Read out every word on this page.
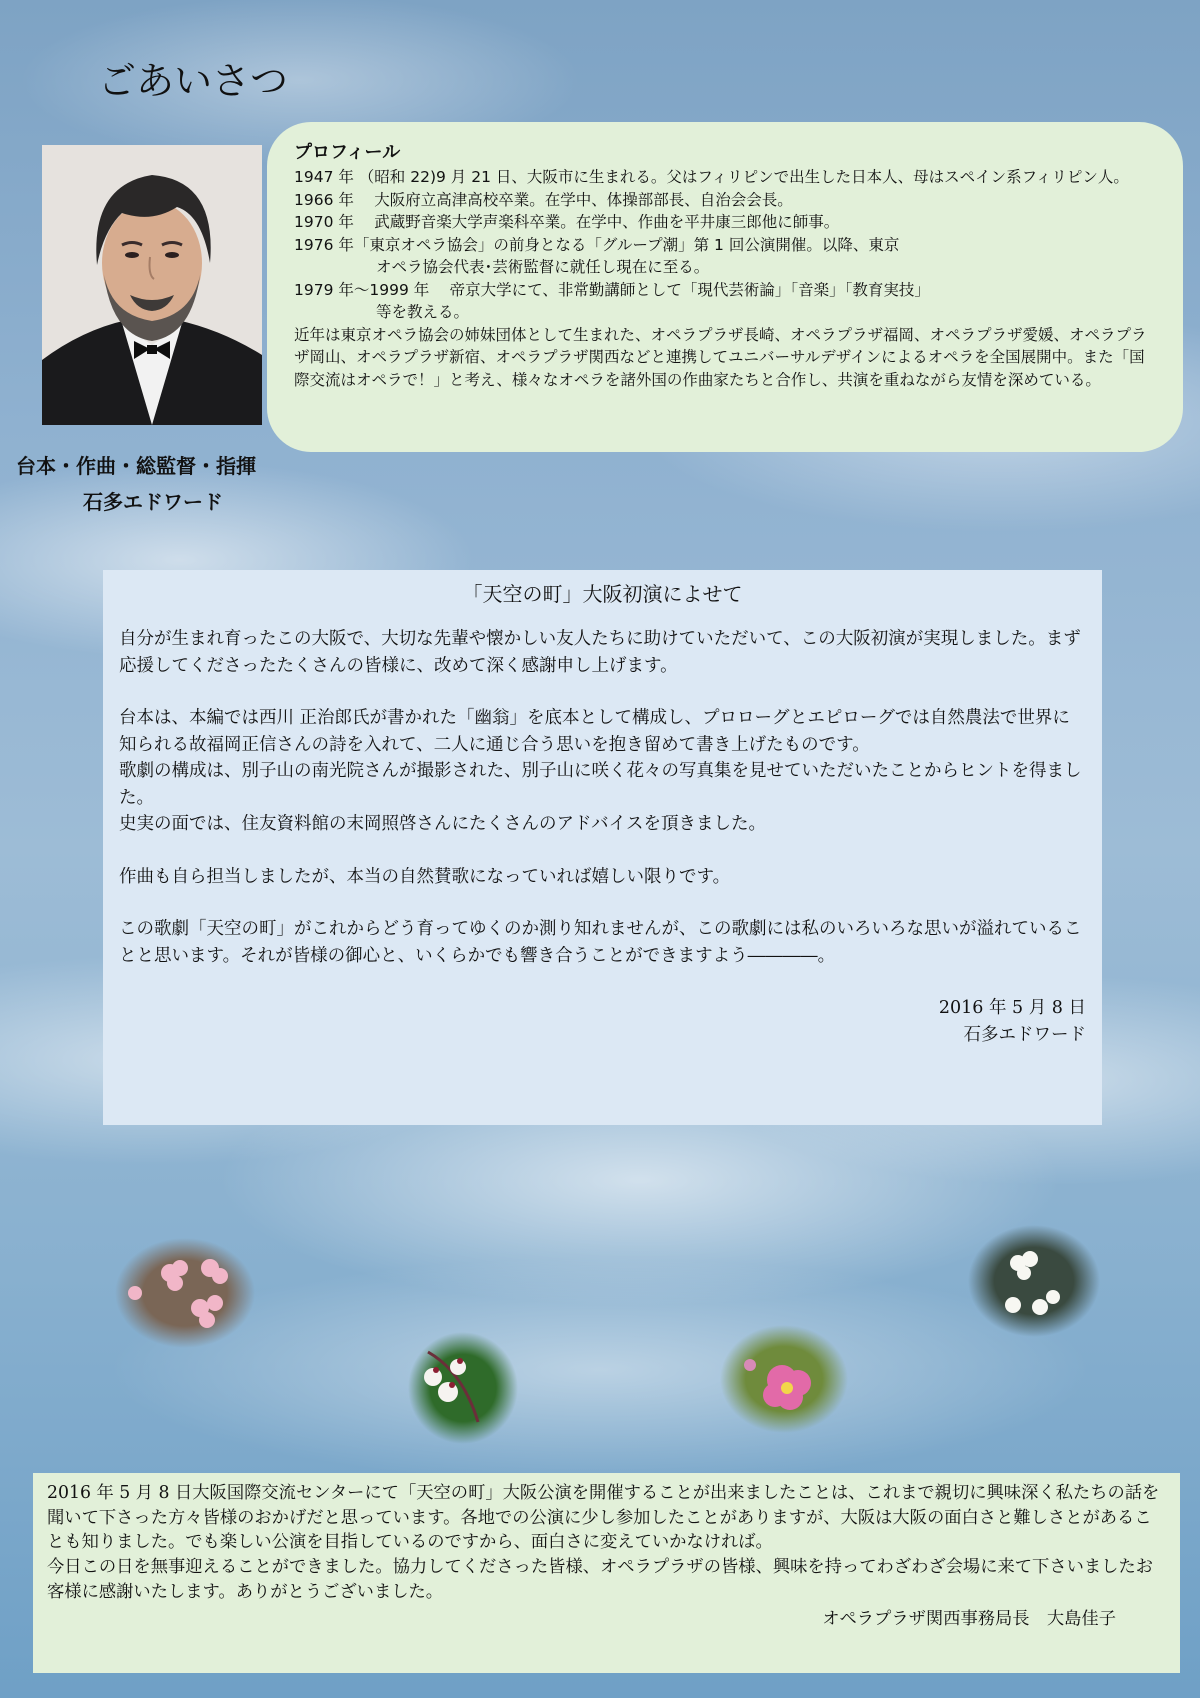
ごあいさつ
台本・作曲・総監督・指揮
石多エドワード
プロフィール
1947 年 （昭和 22)9 月 21 日、大阪市に生まれる。父はフィリピンで出生した日本人、母はスペイン系フィリピン人。
1966 年　 大阪府立高津高校卒業。在学中、体操部部長、自治会会長。
1970 年　 武蔵野音楽大学声楽科卒業。在学中、作曲を平井康三郎他に師事。
1976 年「東京オペラ協会」の前身となる「グループ潮」第 1 回公演開催。以降、東京
オペラ協会代表･芸術監督に就任し現在に至る。
1979 年～1999 年　 帝京大学にて、非常勤講師として「現代芸術論」「音楽」「教育実技」
等を教える。
近年は東京オペラ協会の姉妹団体として生まれた、オペラプラザ長崎、オペラプラザ福岡、オペラプラザ愛媛、オペラプラザ岡山、オペラプラザ新宿、オペラプラザ関西などと連携してユニバーサルデザインによるオペラを全国展開中。また「国際交流はオペラで！」と考え、様々なオペラを諸外国の作曲家たちと合作し、共演を重ねながら友情を深めている。
「天空の町」大阪初演によせて

自分が生まれ育ったこの大阪で、大切な先輩や懐かしい友人たちに助けていただいて、この大阪初演が実現しました。まず応援してくださったたくさんの皆様に、改めて深く感謝申し上げます。

台本は、本編では西川 正治郎氏が書かれた「幽翁」を底本として構成し、プロローグとエピローグでは自然農法で世界に知られる故福岡正信さんの詩を入れて、二人に通じ合う思いを抱き留めて書き上げたものです。

歌劇の構成は、別子山の南光院さんが撮影された、別子山に咲く花々の写真集を見せていただいたことからヒントを得ました。

史実の面では、住友資料館の末岡照啓さんにたくさんのアドバイスを頂きました。

作曲も自ら担当しましたが、本当の自然賛歌になっていれば嬉しい限りです。

この歌劇「天空の町」がこれからどう育ってゆくのか測り知れませんが、この歌劇には私のいろいろな思いが溢れていることと思います。それが皆様の御心と、いくらかでも響き合うことができますよう――――。

2016 年 5 月 8 日
石多エドワード

2016 年 5 月 8 日大阪国際交流センターにて「天空の町」大阪公演を開催することが出来ましたことは、これまで親切に興味深く私たちの話を聞いて下さった方々皆様のおかげだと思っています。各地での公演に少し参加したことがありますが、大阪は大阪の面白さと難しさとがあることも知りました。でも楽しい公演を目指しているのですから、面白さに変えていかなければ。

今日この日を無事迎えることができました。協力してくださった皆様、オペラプラザの皆様、興味を持ってわざわざ会場に来て下さいましたお客様に感謝いたします。ありがとうございました。

オペラプラザ関西事務局長　大島佳子
